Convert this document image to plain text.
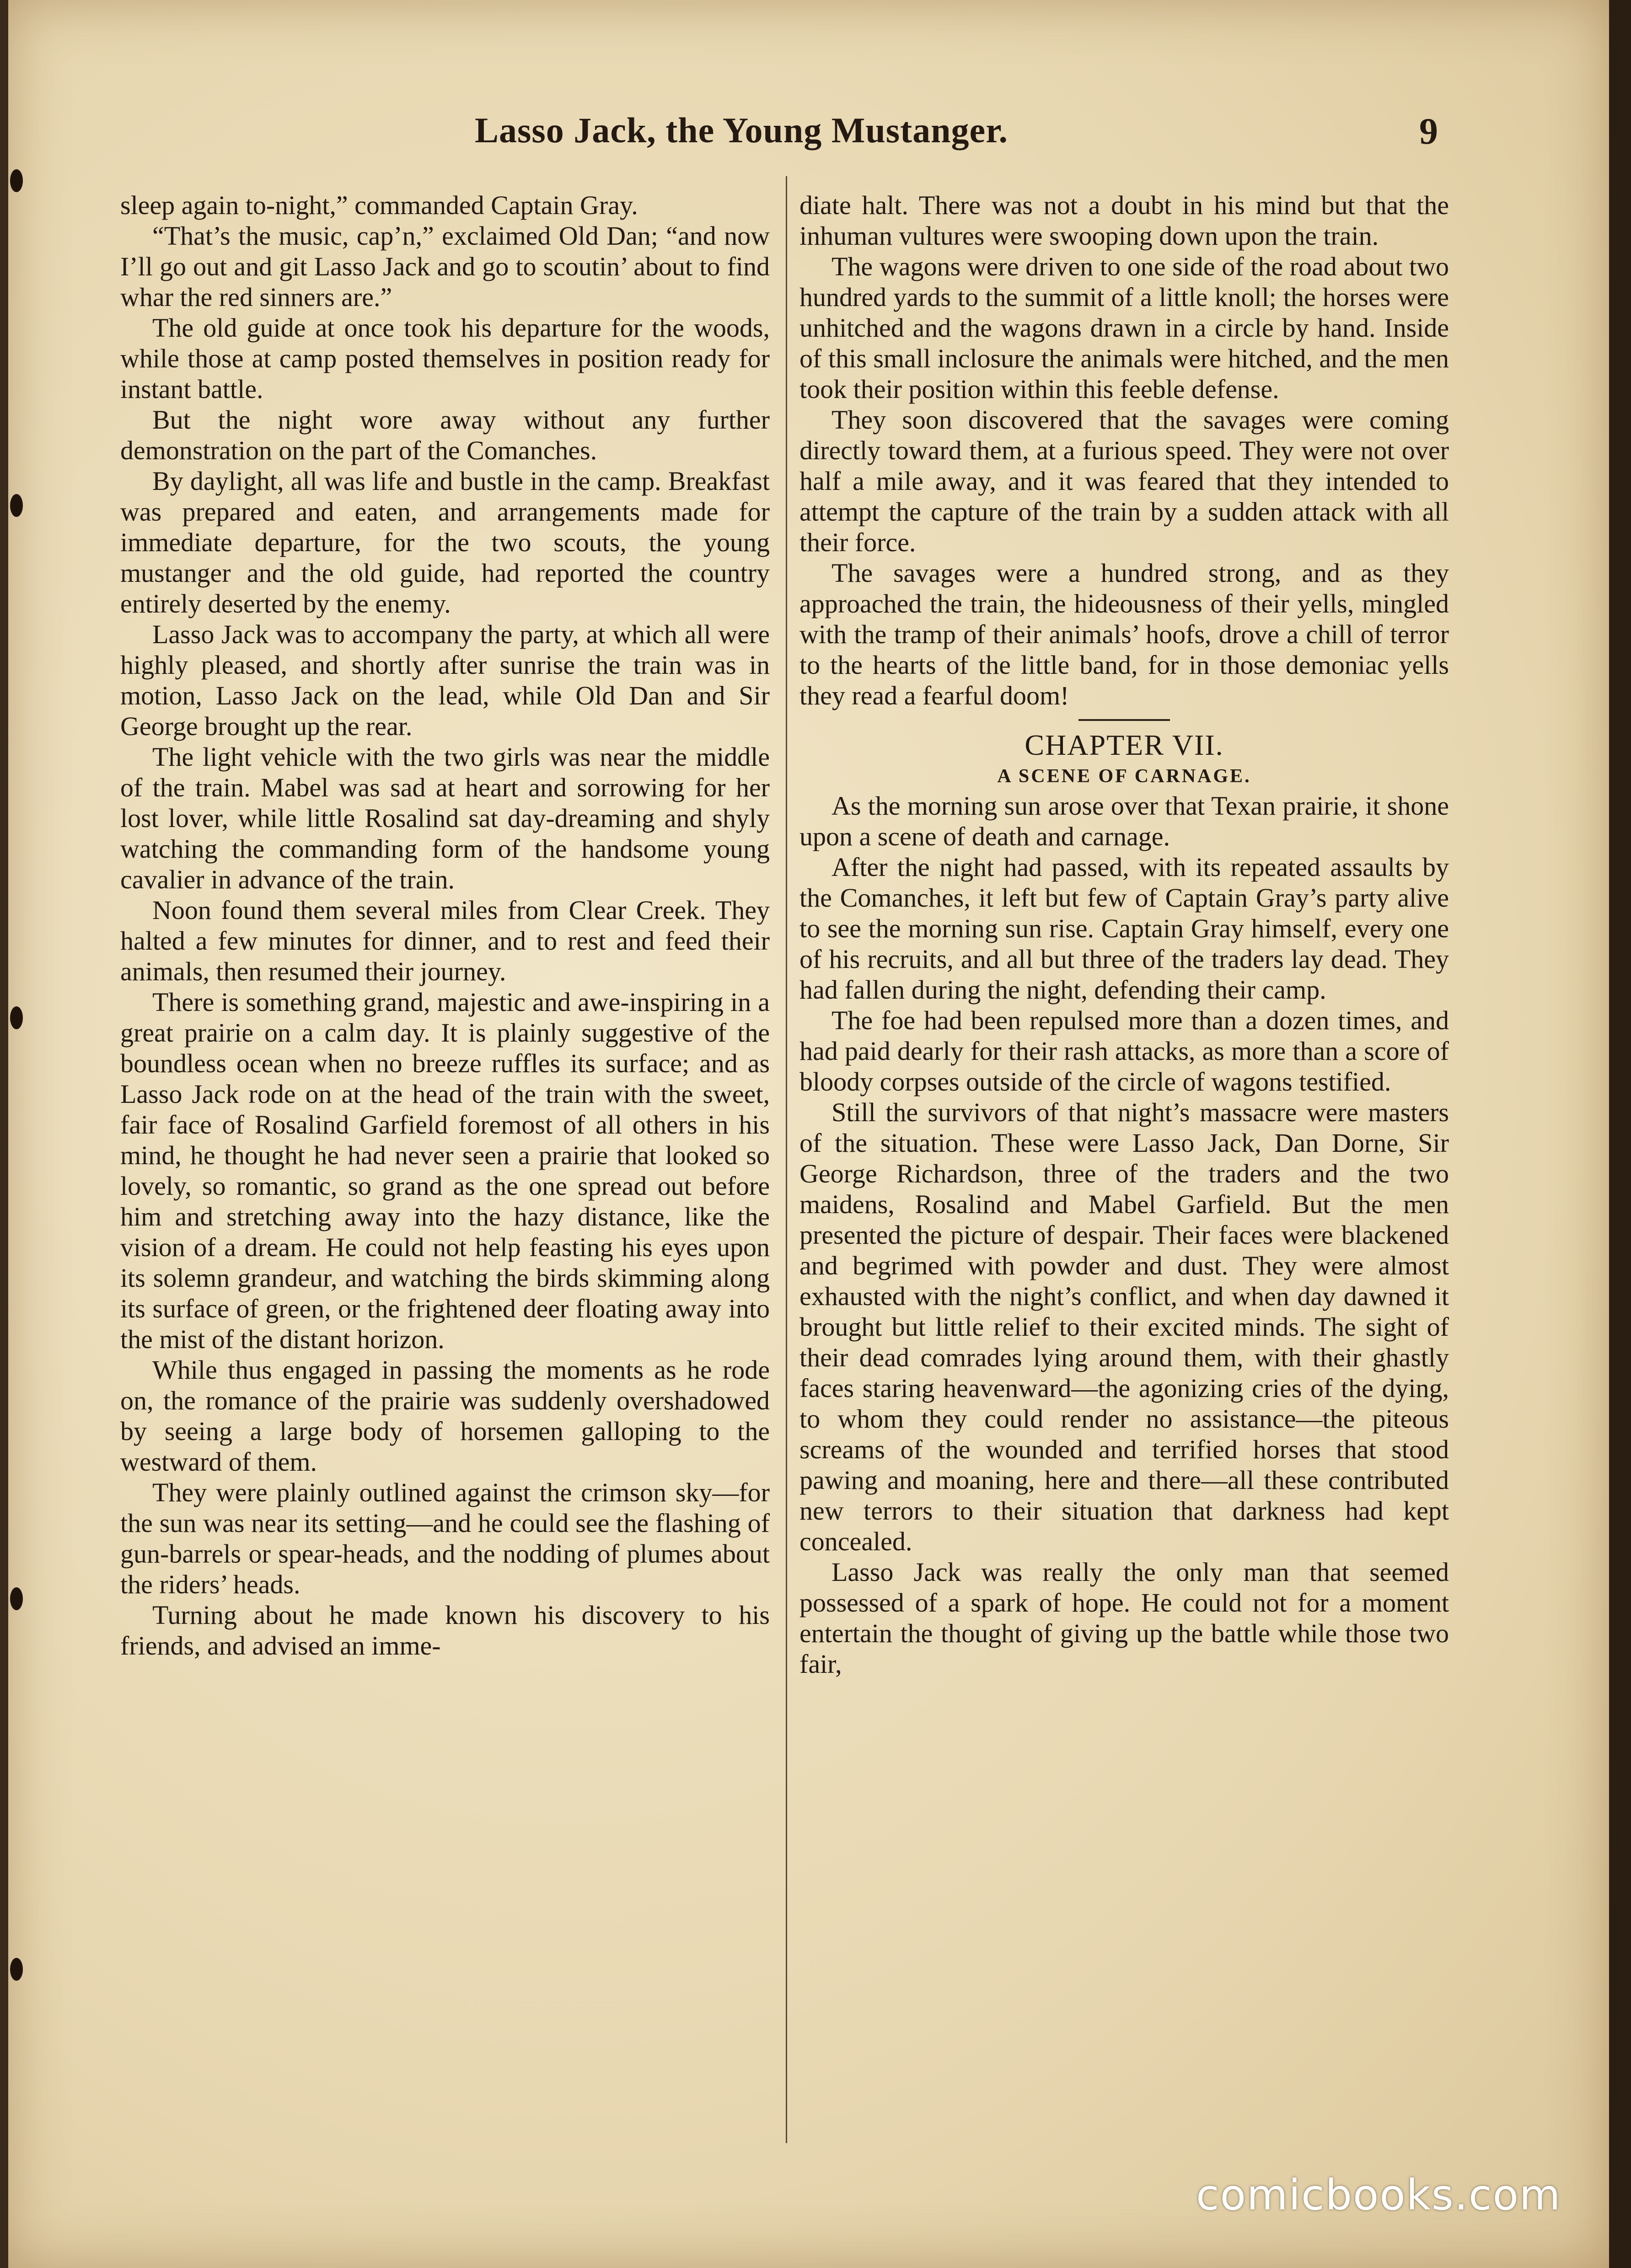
Lasso Jack, the Young Mustanger.	9

sleep again to-night,” commanded Captain Gray.

“That’s the music, cap’n,” exclaimed Old Dan; “and now I’ll go out and git Lasso Jack and go to scoutin’ about to find whar the red sinners are.”

The old guide at once took his departure for the woods, while those at camp posted themselves in position ready for instant battle.

But the night wore away without any further demonstration on the part of the Comanches.

By daylight, all was life and bustle in the camp. Breakfast was prepared and eaten, and arrangements made for immediate departure, for the two scouts, the young mustanger and the old guide, had reported the country entirely deserted by the enemy.

Lasso Jack was to accompany the party, at which all were highly pleased, and shortly after sunrise the train was in motion, Lasso Jack on the lead, while Old Dan and Sir George brought up the rear.

The light vehicle with the two girls was near the middle of the train. Mabel was sad at heart and sorrowing for her lost lover, while little Rosalind sat day-dreaming and shyly watching the commanding form of the handsome young cavalier in advance of the train.

Noon found them several miles from Clear Creek. They halted a few minutes for dinner, and to rest and feed their animals, then resumed their journey.

There is something grand, majestic and awe-inspiring in a great prairie on a calm day. It is plainly suggestive of the boundless ocean when no breeze ruffles its surface; and as Lasso Jack rode on at the head of the train with the sweet, fair face of Rosalind Garfield foremost of all others in his mind, he thought he had never seen a prairie that looked so lovely, so romantic, so grand as the one spread out before him and stretching away into the hazy distance, like the vision of a dream. He could not help feasting his eyes upon its solemn grandeur, and watching the birds skimming along its surface of green, or the frightened deer floating away into the mist of the distant horizon.

While thus engaged in passing the moments as he rode on, the romance of the prairie was suddenly overshadowed by seeing a large body of horsemen galloping to the westward of them.

They were plainly outlined against the crimson sky—for the sun was near its setting—and he could see the flashing of gun-barrels or spear-heads, and the nodding of plumes about the riders’ heads.

Turning about he made known his discovery to his friends, and advised an imme-

diate halt. There was not a doubt in his mind but that the inhuman vultures were swooping down upon the train.

The wagons were driven to one side of the road about two hundred yards to the summit of a little knoll; the horses were unhitched and the wagons drawn in a circle by hand. Inside of this small inclosure the animals were hitched, and the men took their position within this feeble defense.

They soon discovered that the savages were coming directly toward them, at a furious speed. They were not over half a mile away, and it was feared that they intended to attempt the capture of the train by a sudden attack with all their force.

The savages were a hundred strong, and as they approached the train, the hideousness of their yells, mingled with the tramp of their animals’ hoofs, drove a chill of terror to the hearts of the little band, for in those demoniac yells they read a fearful doom!

CHAPTER VII.
A SCENE OF CARNAGE.

As the morning sun arose over that Texan prairie, it shone upon a scene of death and carnage.

After the night had passed, with its repeated assaults by the Comanches, it left but few of Captain Gray’s party alive to see the morning sun rise. Captain Gray himself, every one of his recruits, and all but three of the traders lay dead. They had fallen during the night, defending their camp.

The foe had been repulsed more than a dozen times, and had paid dearly for their rash attacks, as more than a score of bloody corpses outside of the circle of wagons testified.

Still the survivors of that night’s massacre were masters of the situation. These were Lasso Jack, Dan Dorne, Sir George Richardson, three of the traders and the two maidens, Rosalind and Mabel Garfield. But the men presented the picture of despair. Their faces were blackened and begrimed with powder and dust. They were almost exhausted with the night’s conflict, and when day dawned it brought but little relief to their excited minds. The sight of their dead comrades lying around them, with their ghastly faces staring heavenward—the agonizing cries of the dying, to whom they could render no assistance—the piteous screams of the wounded and terrified horses that stood pawing and moaning, here and there—all these contributed new terrors to their situation that darkness had kept concealed.

Lasso Jack was really the only man that seemed possessed of a spark of hope. He could not for a moment entertain the thought of giving up the battle while those two fair,

comicbooks.com
